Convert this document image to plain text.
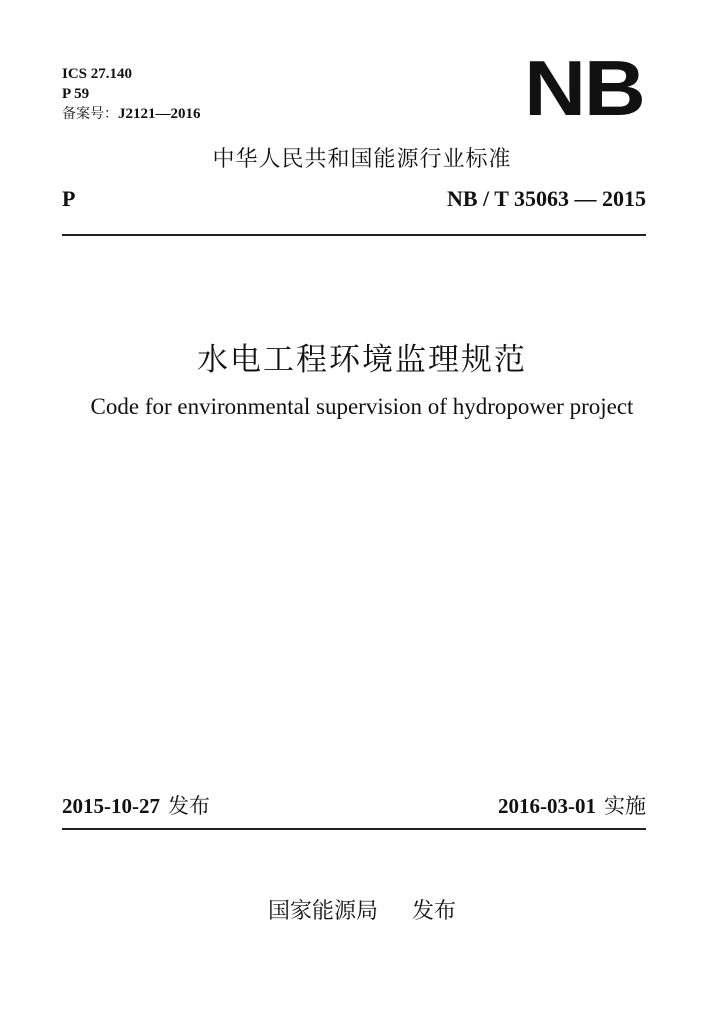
ICS 27.140
P 59
备案号：J2121—2016	NB
中华人民共和国能源行业标准
P	NB / T 35063 — 2015
水电工程环境监理规范
Code for environmental supervision of hydropower project
2015-10-27 发布	2016-03-01 实施
国家能源局 发布
